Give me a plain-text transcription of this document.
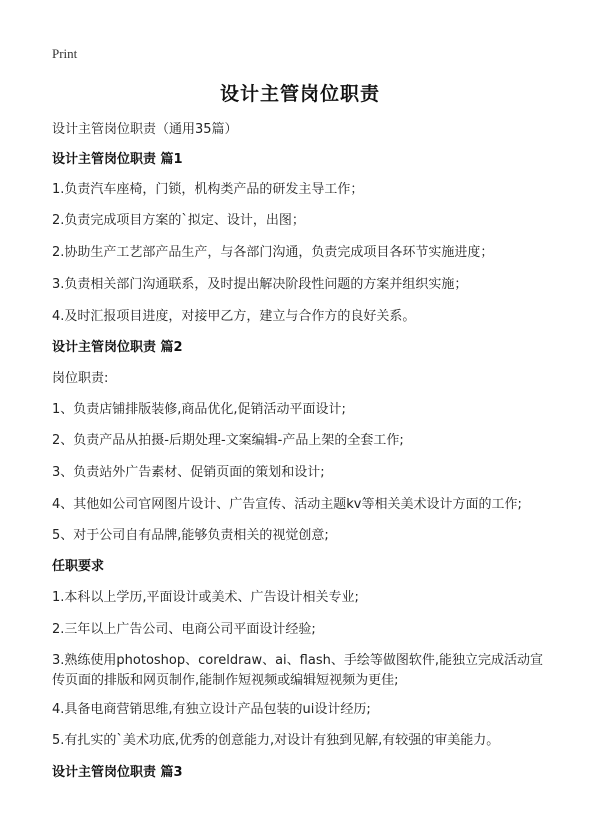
Print
设计主管岗位职责
设计主管岗位职责（通用35篇）
设计主管岗位职责 篇1
1.负责汽车座椅，门锁，机构类产品的研发主导工作；
2.负责完成项目方案的`拟定、设计，出图；
2.协助生产工艺部产品生产，与各部门沟通，负责完成项目各环节实施进度；
3.负责相关部门沟通联系，及时提出解决阶段性问题的方案并组织实施；
4.及时汇报项目进度，对接甲乙方，建立与合作方的良好关系。
设计主管岗位职责 篇2
岗位职责:
1、负责店铺排版装修,商品优化,促销活动平面设计;
2、负责产品从拍摄-后期处理-文案编辑-产品上架的全套工作;
3、负责站外广告素材、促销页面的策划和设计;
4、其他如公司官网图片设计、广告宣传、活动主题kv等相关美术设计方面的工作;
5、对于公司自有品牌,能够负责相关的视觉创意;
任职要求
1.本科以上学历,平面设计或美术、广告设计相关专业;
2.三年以上广告公司、电商公司平面设计经验;
3.熟练使用photoshop、coreldraw、ai、flash、手绘等做图软件,能独立完成活动宣传页面的排版和网页制作,能制作短视频或编辑短视频为更佳;
4.具备电商营销思维,有独立设计产品包装的ui设计经历;
5.有扎实的`美术功底,优秀的创意能力,对设计有独到见解,有较强的审美能力。
设计主管岗位职责 篇3
